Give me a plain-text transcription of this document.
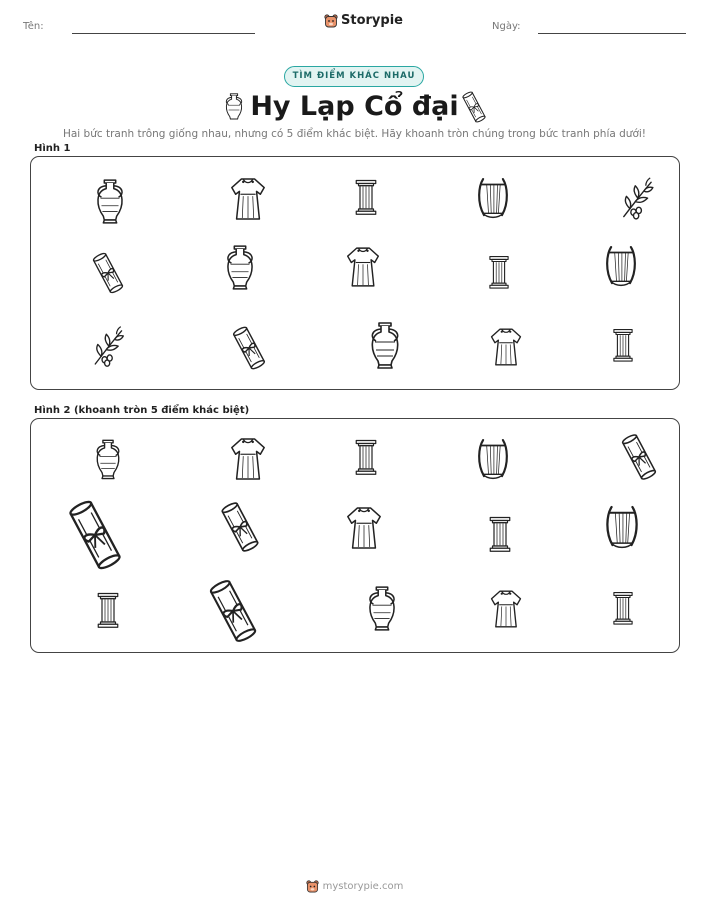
Tên:	Storypie	Ngày:
TÌM ĐIỂM KHÁC NHAU
Hy Lạp Cổ đại
Hai bức tranh trông giống nhau, nhưng có 5 điểm khác biệt. Hãy khoanh tròn chúng trong bức tranh phía dưới!
Hình 1
Hình 2 (khoanh tròn 5 điểm khác biệt)
mystorypie.com
